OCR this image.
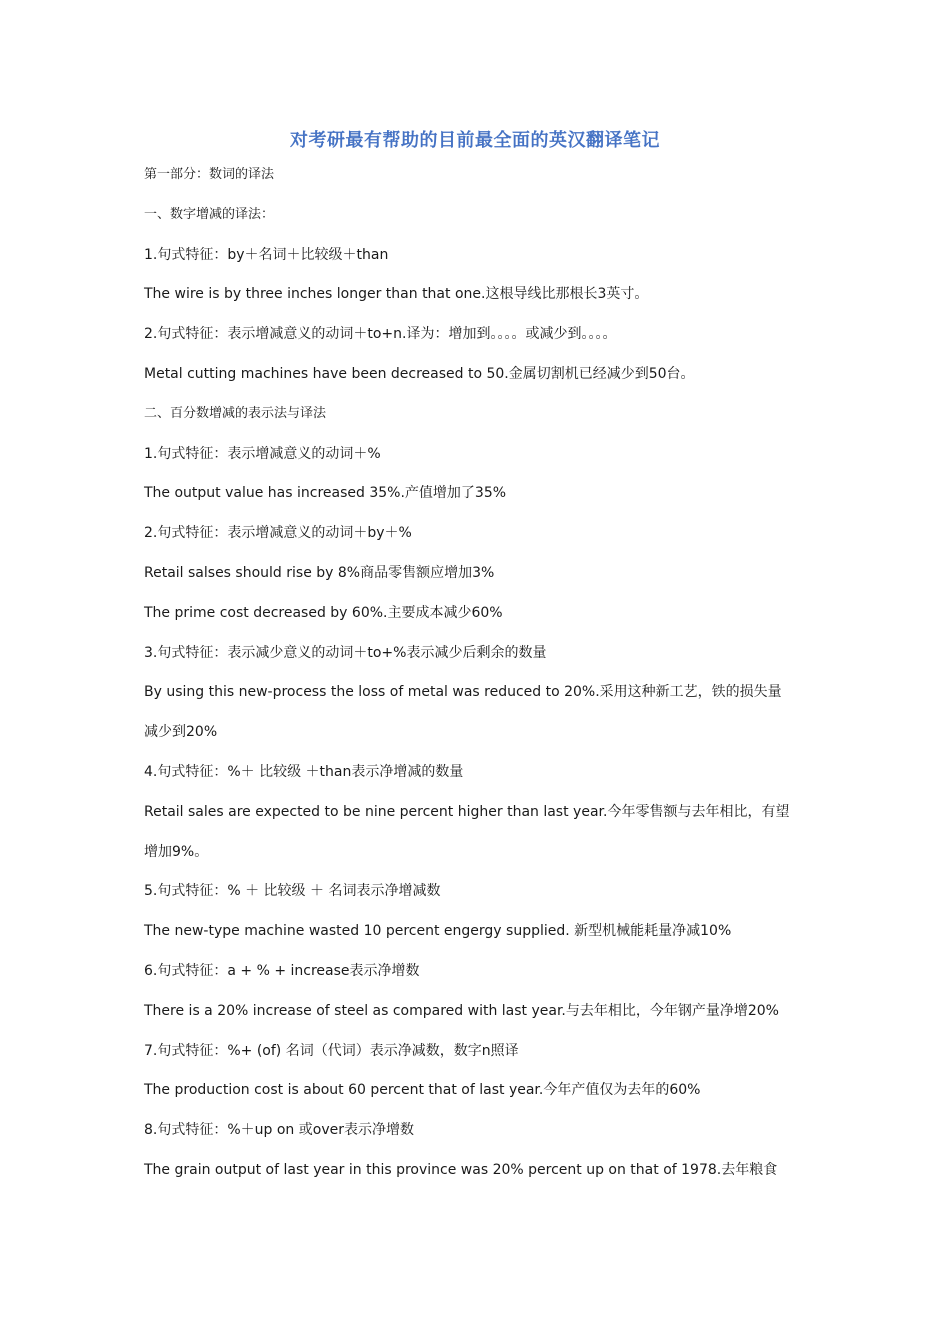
对考研最有帮助的目前最全面的英汉翻译笔记
第一部分：数词的译法
一、数字增减的译法：
1.句式特征：by＋名词＋比较级＋than
The wire is by three inches longer than that one.这根导线比那根长3英寸。
2.句式特征：表示增减意义的动词＋to+n.译为：增加到。。。。或减少到。。。。
Metal cutting machines have been decreased to 50.金属切割机已经减少到50台。
二、百分数增减的表示法与译法
1.句式特征：表示增减意义的动词＋%
The output value has increased 35%.产值增加了35%
2.句式特征：表示增减意义的动词＋by＋%
Retail salses should rise by 8%商品零售额应增加3%
The prime cost decreased by 60%.主要成本减少60%
3.句式特征：表示减少意义的动词＋to+%表示减少后剩余的数量
By using this new-process the loss of metal was reduced to 20%.采用这种新工艺，铁的损失量
减少到20%
4.句式特征：%＋ 比较级 ＋than表示净增减的数量
Retail sales are expected to be nine percent higher than last year.今年零售额与去年相比，有望
增加9%。
5.句式特征：% ＋ 比较级 ＋ 名词表示净增减数
The new-type machine wasted 10 percent engergy supplied. 新型机械能耗量净减10%
6.句式特征：a + % + increase表示净增数
There is a 20% increase of steel as compared with last year.与去年相比，今年钢产量净增20%
7.句式特征：%+ (of) 名词（代词）表示净减数，数字n照译
The production cost is about 60 percent that of last year.今年产值仅为去年的60%
8.句式特征：%＋up on 或over表示净增数
The grain output of last year in this province was 20% percent up on that of 1978.去年粮食
